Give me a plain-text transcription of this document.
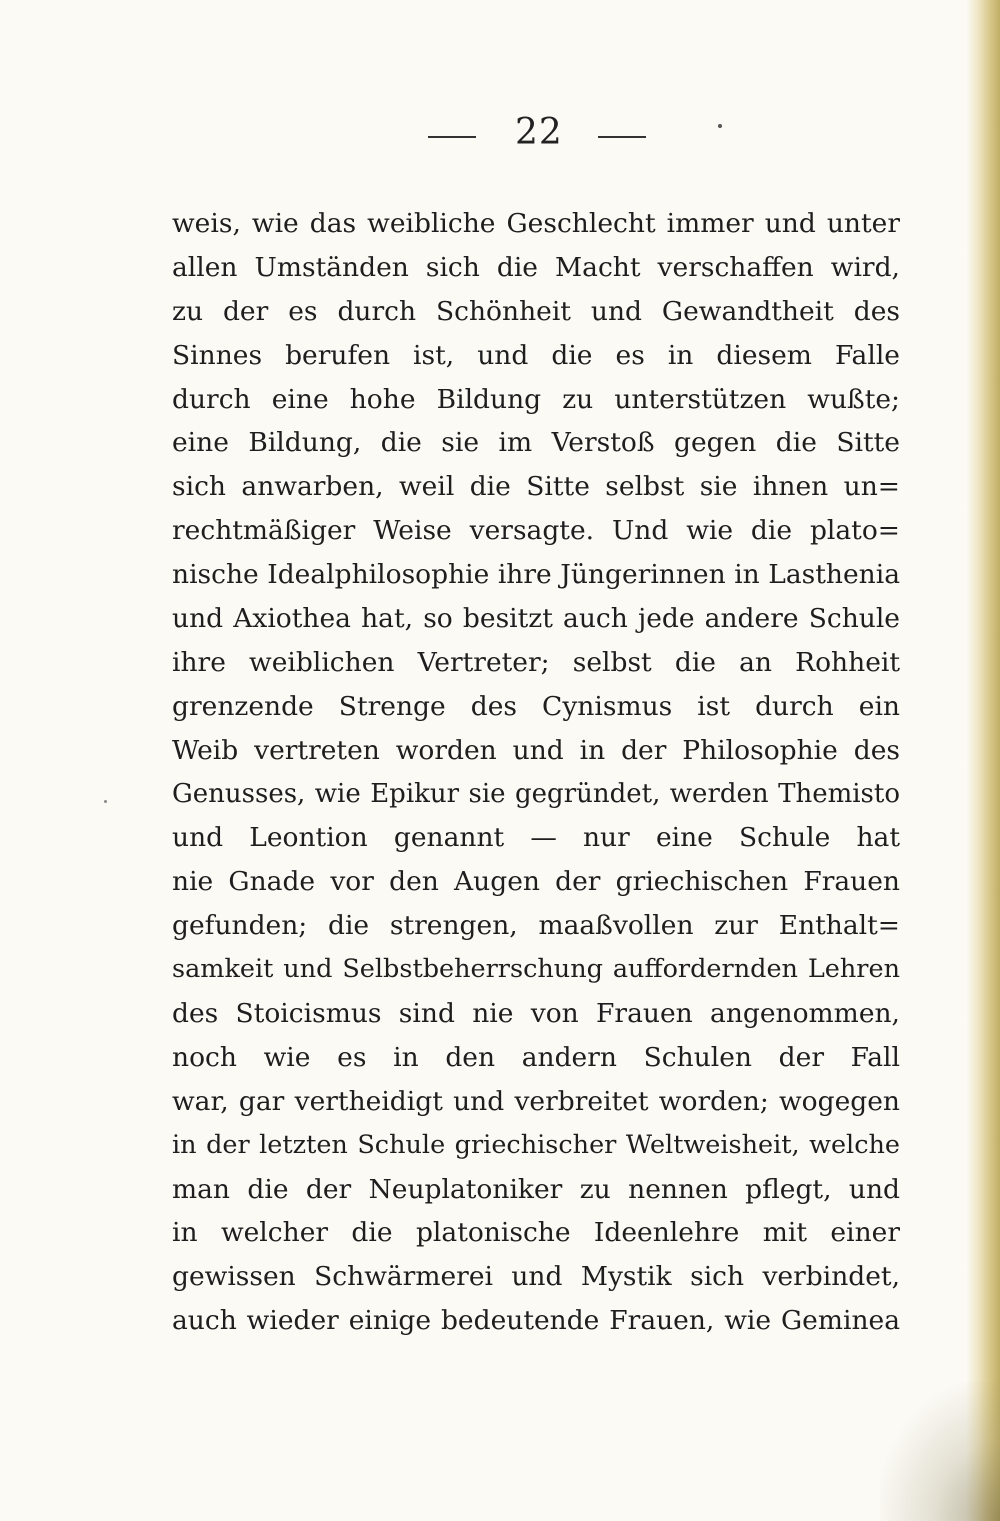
22
weis, wie das weibliche Geschlecht immer und unter
allen Umständen sich die Macht verschaffen wird,
zu der es durch Schönheit und Gewandtheit des
Sinnes berufen ist, und die es in diesem Falle
durch eine hohe Bildung zu unterstützen wußte;
eine Bildung, die sie im Verstoß gegen die Sitte
sich anwarben, weil die Sitte selbst sie ihnen un=
rechtmäßiger Weise versagte. Und wie die plato=
nische Idealphilosophie ihre Jüngerinnen in Lasthenia
und Axiothea hat, so besitzt auch jede andere Schule
ihre weiblichen Vertreter; selbst die an Rohheit
grenzende Strenge des Cynismus ist durch ein
Weib vertreten worden und in der Philosophie des
Genusses, wie Epikur sie gegründet, werden Themisto
und Leontion genannt — nur eine Schule hat
nie Gnade vor den Augen der griechischen Frauen
gefunden; die strengen, maaßvollen zur Enthalt=
samkeit und Selbstbeherrschung auffordernden Lehren
des Stoicismus sind nie von Frauen angenommen,
noch wie es in den andern Schulen der Fall
war, gar vertheidigt und verbreitet worden; wogegen
in der letzten Schule griechischer Weltweisheit, welche
man die der Neuplatoniker zu nennen pflegt, und
in welcher die platonische Ideenlehre mit einer
gewissen Schwärmerei und Mystik sich verbindet,
auch wieder einige bedeutende Frauen, wie Geminea
